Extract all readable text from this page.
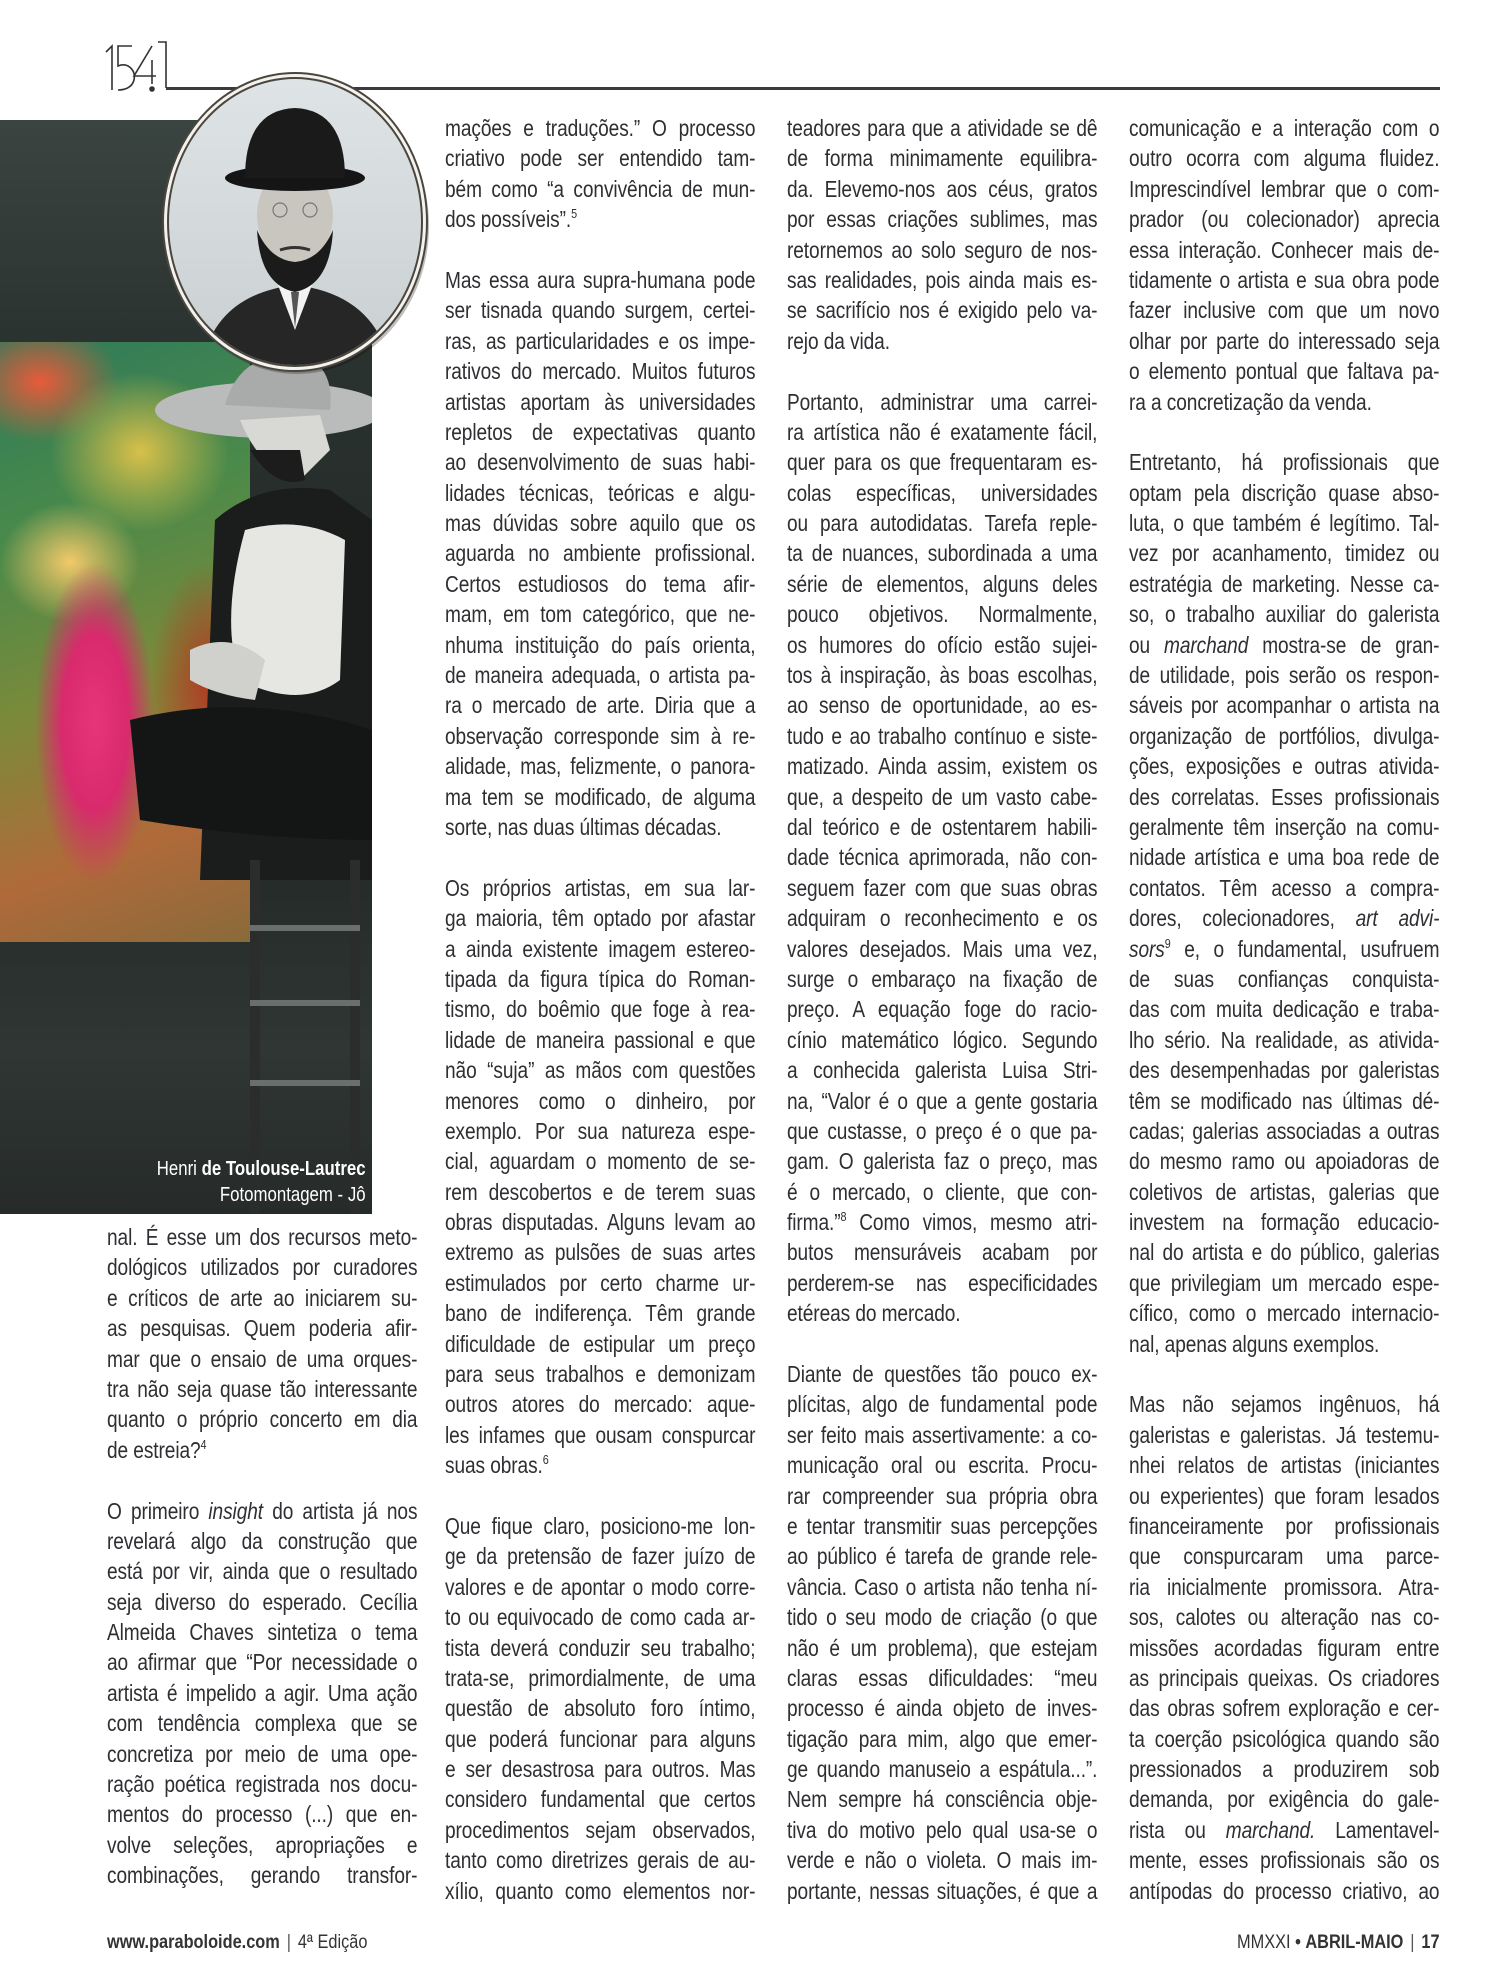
Henri de Toulouse-Lautrec
Fotomontagem - Jô
nal. É esse um dos recursos meto-
dológicos utilizados por curadores
e críticos de arte ao iniciarem su-
as pesquisas. Quem poderia afir-
mar que o ensaio de uma orques-
tra não seja quase tão interessante
quanto o próprio concerto em dia
de estreia?$^4$
O primeiro insight do artista já nos
revelará algo da construção que
está por vir, ainda que o resultado
seja diverso do esperado. Cecília
Almeida Chaves sintetiza o tema
ao afirmar que “Por necessidade o
artista é impelido a agir. Uma ação
com tendência complexa que se
concretiza por meio de uma ope-
ração poética registrada nos docu-
mentos do processo (...) que en-
volve seleções, apropriações e
combinações, gerando transfor-
mações e traduções.” O processo
criativo pode ser entendido tam-
bém como “a convivência de mun-
dos possíveis”.$^5$
Mas essa aura supra-humana pode
ser tisnada quando surgem, certei-
ras, as particularidades e os impe-
rativos do mercado. Muitos futuros
artistas aportam às universidades
repletos de expectativas quanto
ao desenvolvimento de suas habi-
lidades técnicas, teóricas e algu-
mas dúvidas sobre aquilo que os
aguarda no ambiente profissional.
Certos estudiosos do tema afir-
mam, em tom categórico, que ne-
nhuma instituição do país orienta,
de maneira adequada, o artista pa-
ra o mercado de arte. Diria que a
observação corresponde sim à re-
alidade, mas, felizmente, o panora-
ma tem se modificado, de alguma
sorte, nas duas últimas décadas.
Os próprios artistas, em sua lar-
ga maioria, têm optado por afastar
a ainda existente imagem estereo-
tipada da figura típica do Roman-
tismo, do boêmio que foge à rea-
lidade de maneira passional e que
não “suja” as mãos com questões
menores como o dinheiro, por
exemplo. Por sua natureza espe-
cial, aguardam o momento de se-
rem descobertos e de terem suas
obras disputadas. Alguns levam ao
extremo as pulsões de suas artes
estimulados por certo charme ur-
bano de indiferença. Têm grande
dificuldade de estipular um preço
para seus trabalhos e demonizam
outros atores do mercado: aque-
les infames que ousam conspurcar
suas obras.$^6$
Que fique claro, posiciono-me lon-
ge da pretensão de fazer juízo de
valores e de apontar o modo corre-
to ou equivocado de como cada ar-
tista deverá conduzir seu trabalho;
trata-se, primordialmente, de uma
questão de absoluto foro íntimo,
que poderá funcionar para alguns
e ser desastrosa para outros. Mas
considero fundamental que certos
procedimentos sejam observados,
tanto como diretrizes gerais de au-
xílio, quanto como elementos nor-
teadores para que a atividade se dê
de forma minimamente equilibra-
da. Elevemo-nos aos céus, gratos
por essas criações sublimes, mas
retornemos ao solo seguro de nos-
sas realidades, pois ainda mais es-
se sacrifício nos é exigido pelo va-
rejo da vida.
Portanto, administrar uma carrei-
ra artística não é exatamente fácil,
quer para os que frequentaram es-
colas específicas, universidades
ou para autodidatas. Tarefa reple-
ta de nuances, subordinada a uma
série de elementos, alguns deles
pouco objetivos. Normalmente,
os humores do ofício estão sujei-
tos à inspiração, às boas escolhas,
ao senso de oportunidade, ao es-
tudo e ao trabalho contínuo e siste-
matizado. Ainda assim, existem os
que, a despeito de um vasto cabe-
dal teórico e de ostentarem habili-
dade técnica aprimorada, não con-
seguem fazer com que suas obras
adquiram o reconhecimento e os
valores desejados. Mais uma vez,
surge o embaraço na fixação de
preço. A equação foge do racio-
cínio matemático lógico. Segundo
a conhecida galerista Luisa Stri-
na, “Valor é o que a gente gostaria
que custasse, o preço é o que pa-
gam. O galerista faz o preço, mas
é o mercado, o cliente, que con-
firma.”$^8$ Como vimos, mesmo atri-
butos mensuráveis acabam por
perderem-se nas especificidades
etéreas do mercado.
Diante de questões tão pouco ex-
plícitas, algo de fundamental pode
ser feito mais assertivamente: a co-
municação oral ou escrita. Procu-
rar compreender sua própria obra
e tentar transmitir suas percepções
ao público é tarefa de grande rele-
vância. Caso o artista não tenha ní-
tido o seu modo de criação (o que
não é um problema), que estejam
claras essas dificuldades: “meu
processo é ainda objeto de inves-
tigação para mim, algo que emer-
ge quando manuseio a espátula...”.
Nem sempre há consciência obje-
tiva do motivo pelo qual usa-se o
verde e não o violeta. O mais im-
portante, nessas situações, é que a
comunicação e a interação com o
outro ocorra com alguma fluidez.
Imprescindível lembrar que o com-
prador (ou colecionador) aprecia
essa interação. Conhecer mais de-
tidamente o artista e sua obra pode
fazer inclusive com que um novo
olhar por parte do interessado seja
o elemento pontual que faltava pa-
ra a concretização da venda.
Entretanto, há profissionais que
optam pela discrição quase abso-
luta, o que também é legítimo. Tal-
vez por acanhamento, timidez ou
estratégia de marketing. Nesse ca-
so, o trabalho auxiliar do galerista
ou marchand mostra-se de gran-
de utilidade, pois serão os respon-
sáveis por acompanhar o artista na
organização de portfólios, divulga-
ções, exposições e outras ativida-
des correlatas. Esses profissionais
geralmente têm inserção na comu-
nidade artística e uma boa rede de
contatos. Têm acesso a compra-
dores, colecionadores, art advi-
sors$^9$ e, o fundamental, usufruem
de suas confianças conquista-
das com muita dedicação e traba-
lho sério. Na realidade, as ativida-
des desempenhadas por galeristas
têm se modificado nas últimas dé-
cadas; galerias associadas a outras
do mesmo ramo ou apoiadoras de
coletivos de artistas, galerias que
investem na formação educacio-
nal do artista e do público, galerias
que privilegiam um mercado espe-
cífico, como o mercado internacio-
nal, apenas alguns exemplos.
Mas não sejamos ingênuos, há
galeristas e galeristas. Já testemu-
nhei relatos de artistas (iniciantes
ou experientes) que foram lesados
financeiramente por profissionais
que conspurcaram uma parce-
ria inicialmente promissora. Atra-
sos, calotes ou alteração nas co-
missões acordadas figuram entre
as principais queixas. Os criadores
das obras sofrem exploração e cer-
ta coerção psicológica quando são
pressionados a produzirem sob
demanda, por exigência do gale-
rista ou marchand. Lamentavel-
mente, esses profissionais são os
antípodas do processo criativo, ao
www.paraboloide.com | 4ª Edição	MMXXI • ABRIL-MAIO | 17
